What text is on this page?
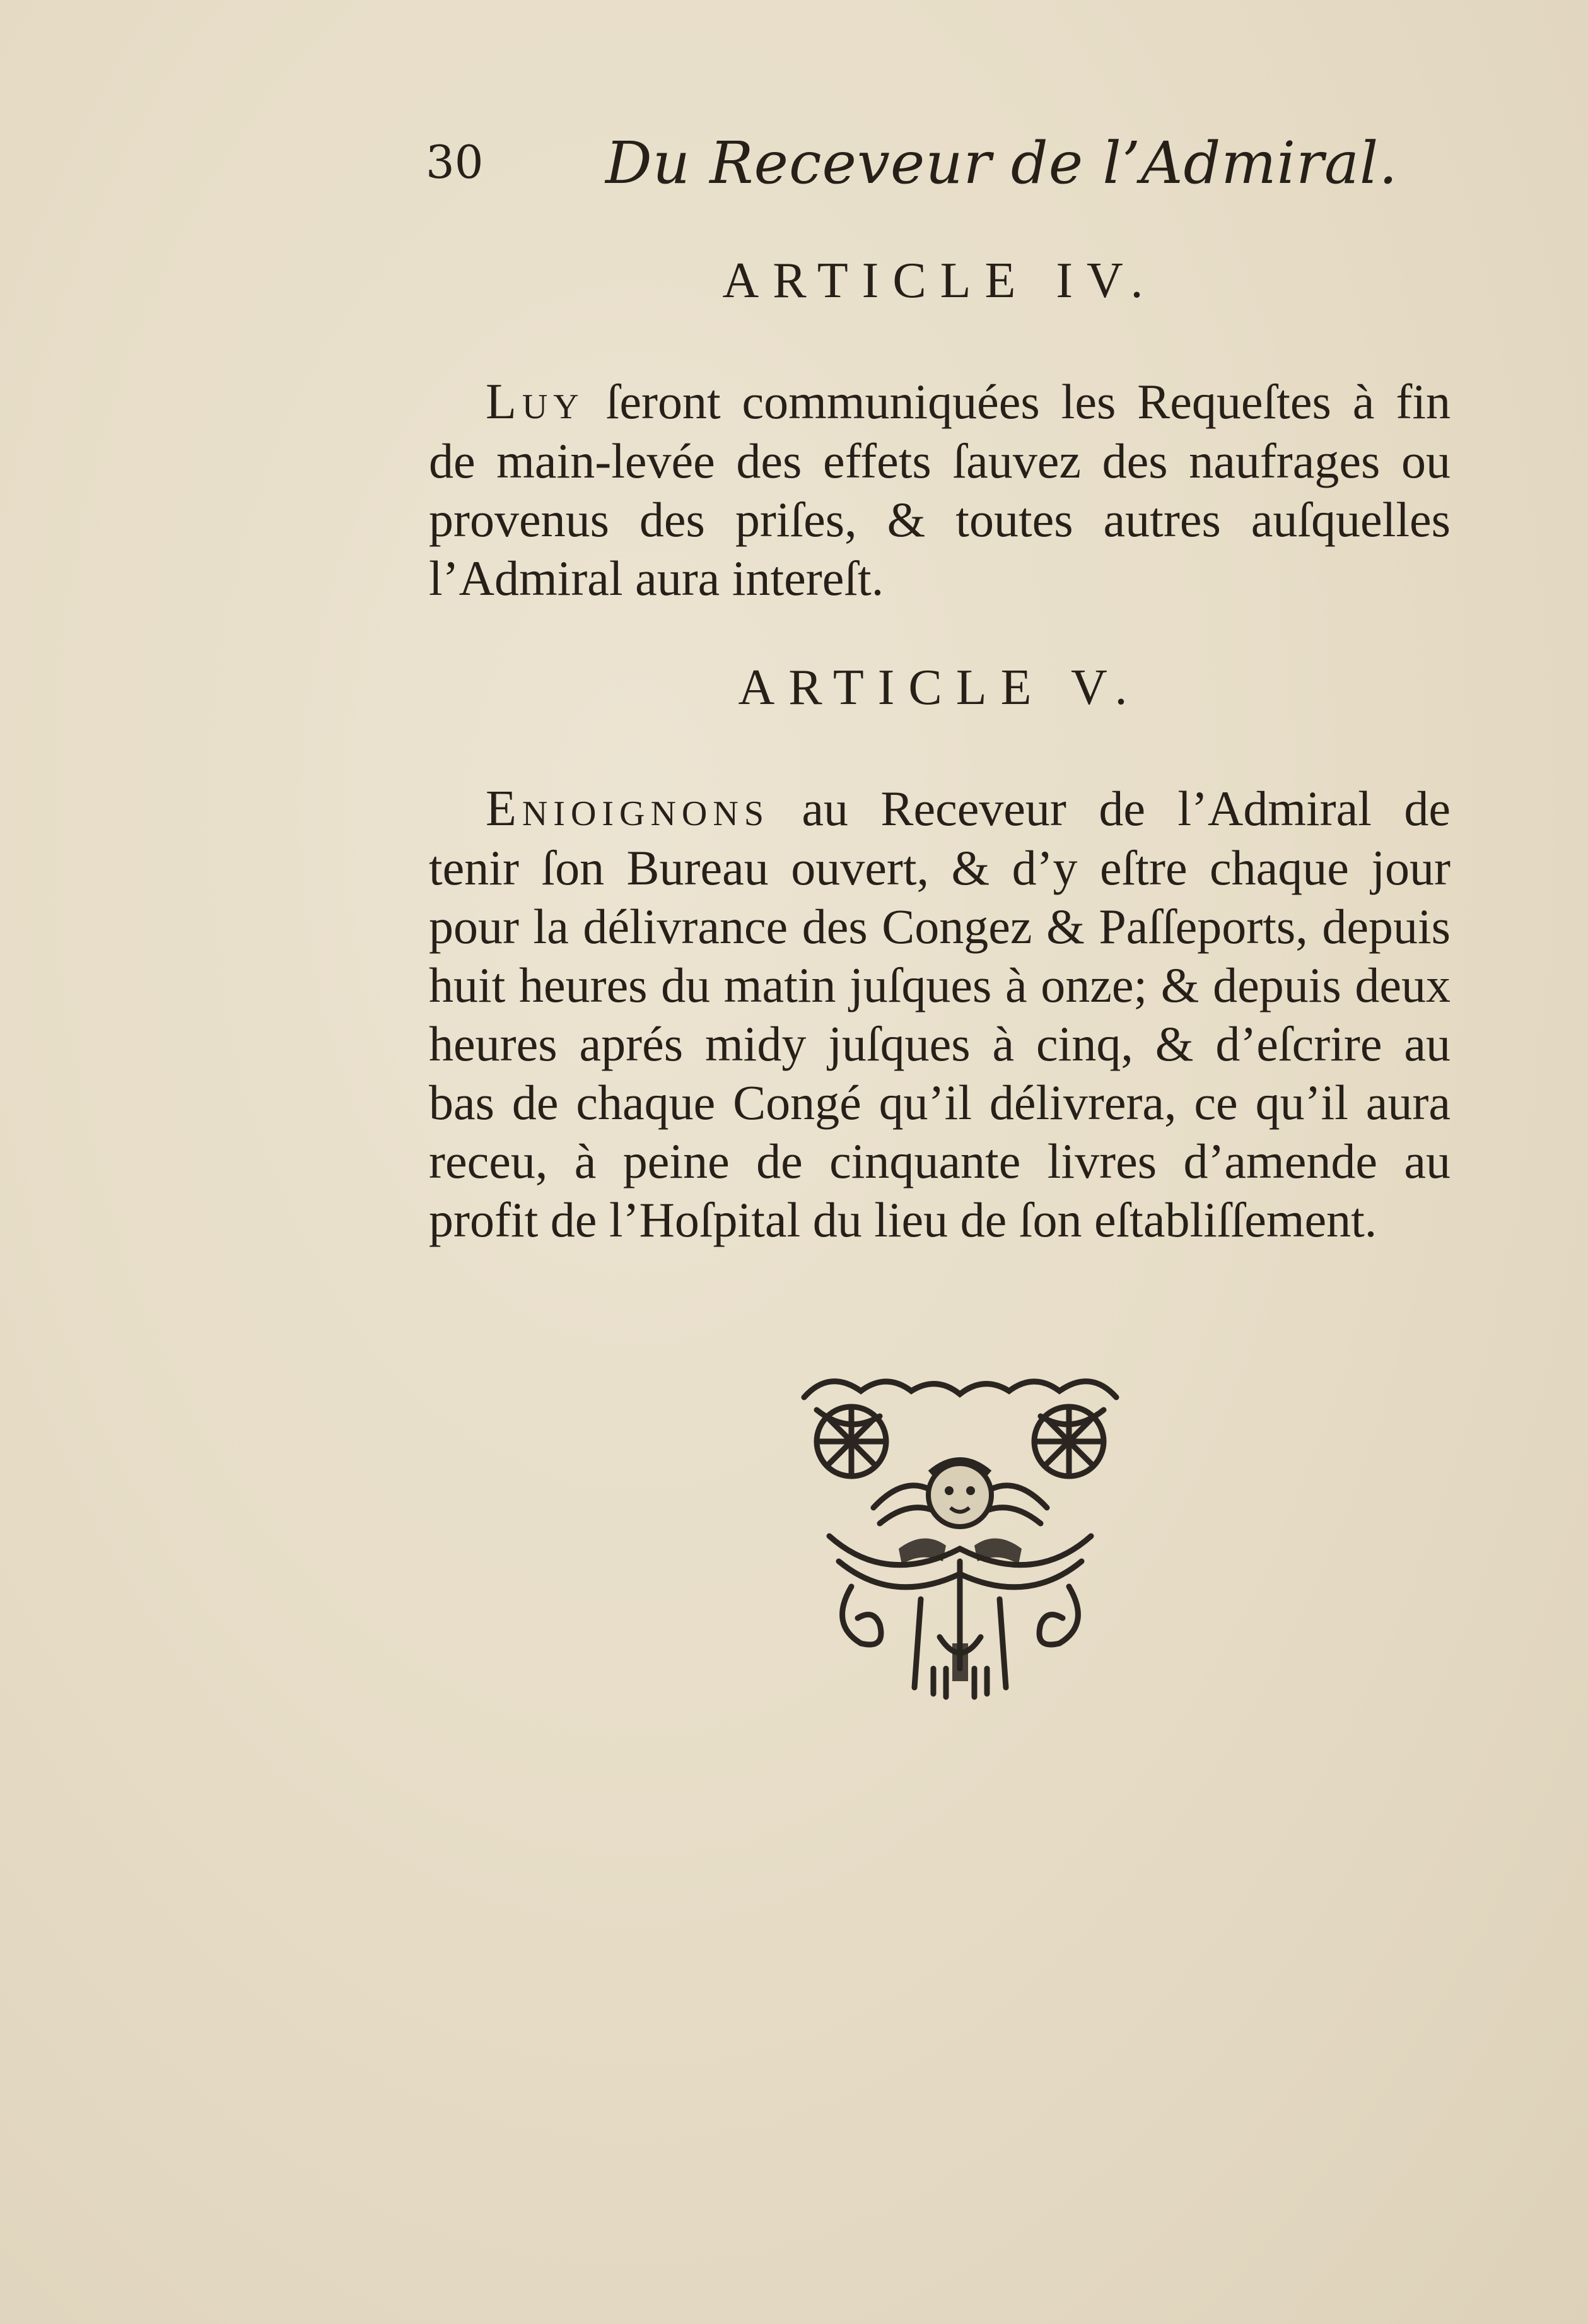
30 Du Receveur de l’Admiral.
ARTICLE IV.

Luy ſeront communiquées les Requeſtes à fin de main-levée des effets ſauvez des naufrages ou provenus des priſes, & toutes autres auſquelles l’Admiral aura intereſt.

ARTICLE V.

Enioignons au Receveur de l’Admiral de tenir ſon Bureau ouvert, & d’y eſtre chaque jour pour la délivrance des Congez & Paſſeports, depuis huit heures du matin juſques à onze; & depuis deux heures aprés midy juſques à cinq, & d’eſcrire au bas de chaque Congé qu’il délivrera, ce qu’il aura receu, à peine de cinquante livres d’amende au profit de l’Hoſpital du lieu de ſon eſtabliſſement.
